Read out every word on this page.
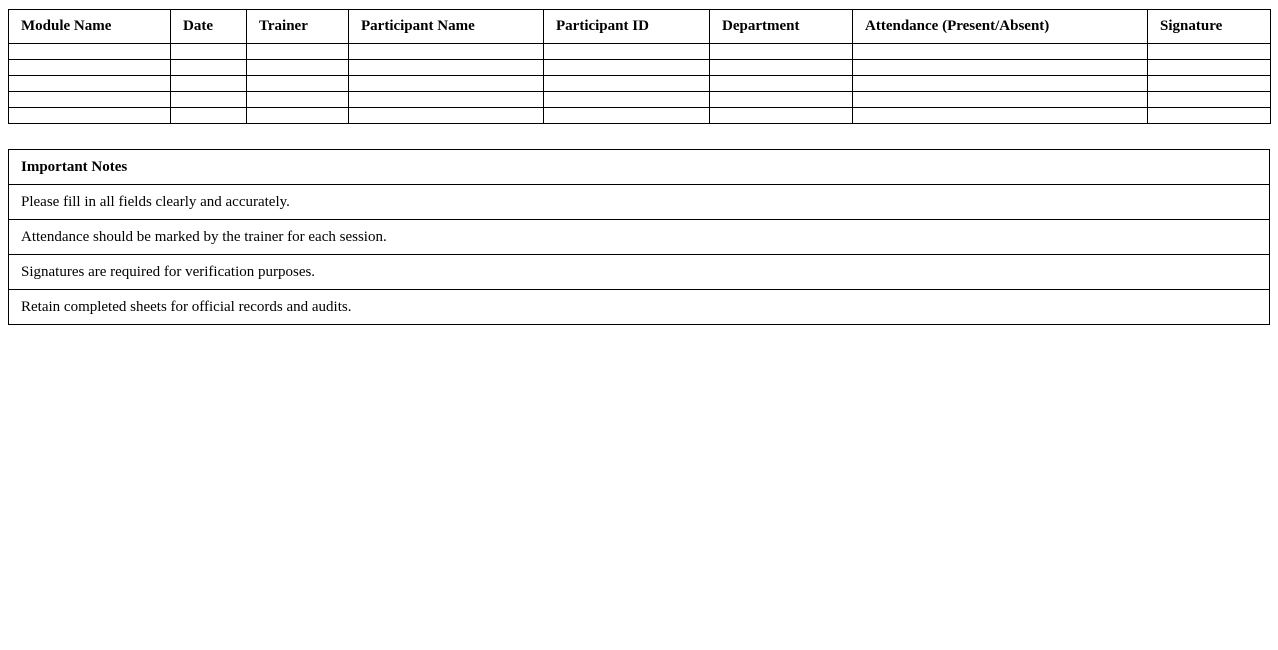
Module Name	Date	Trainer	Participant Name	Participant ID	Department	Attendance (Present/Absent)	Signature

Important Notes
Please fill in all fields clearly and accurately.
Attendance should be marked by the trainer for each session.
Signatures are required for verification purposes.
Retain completed sheets for official records and audits.
